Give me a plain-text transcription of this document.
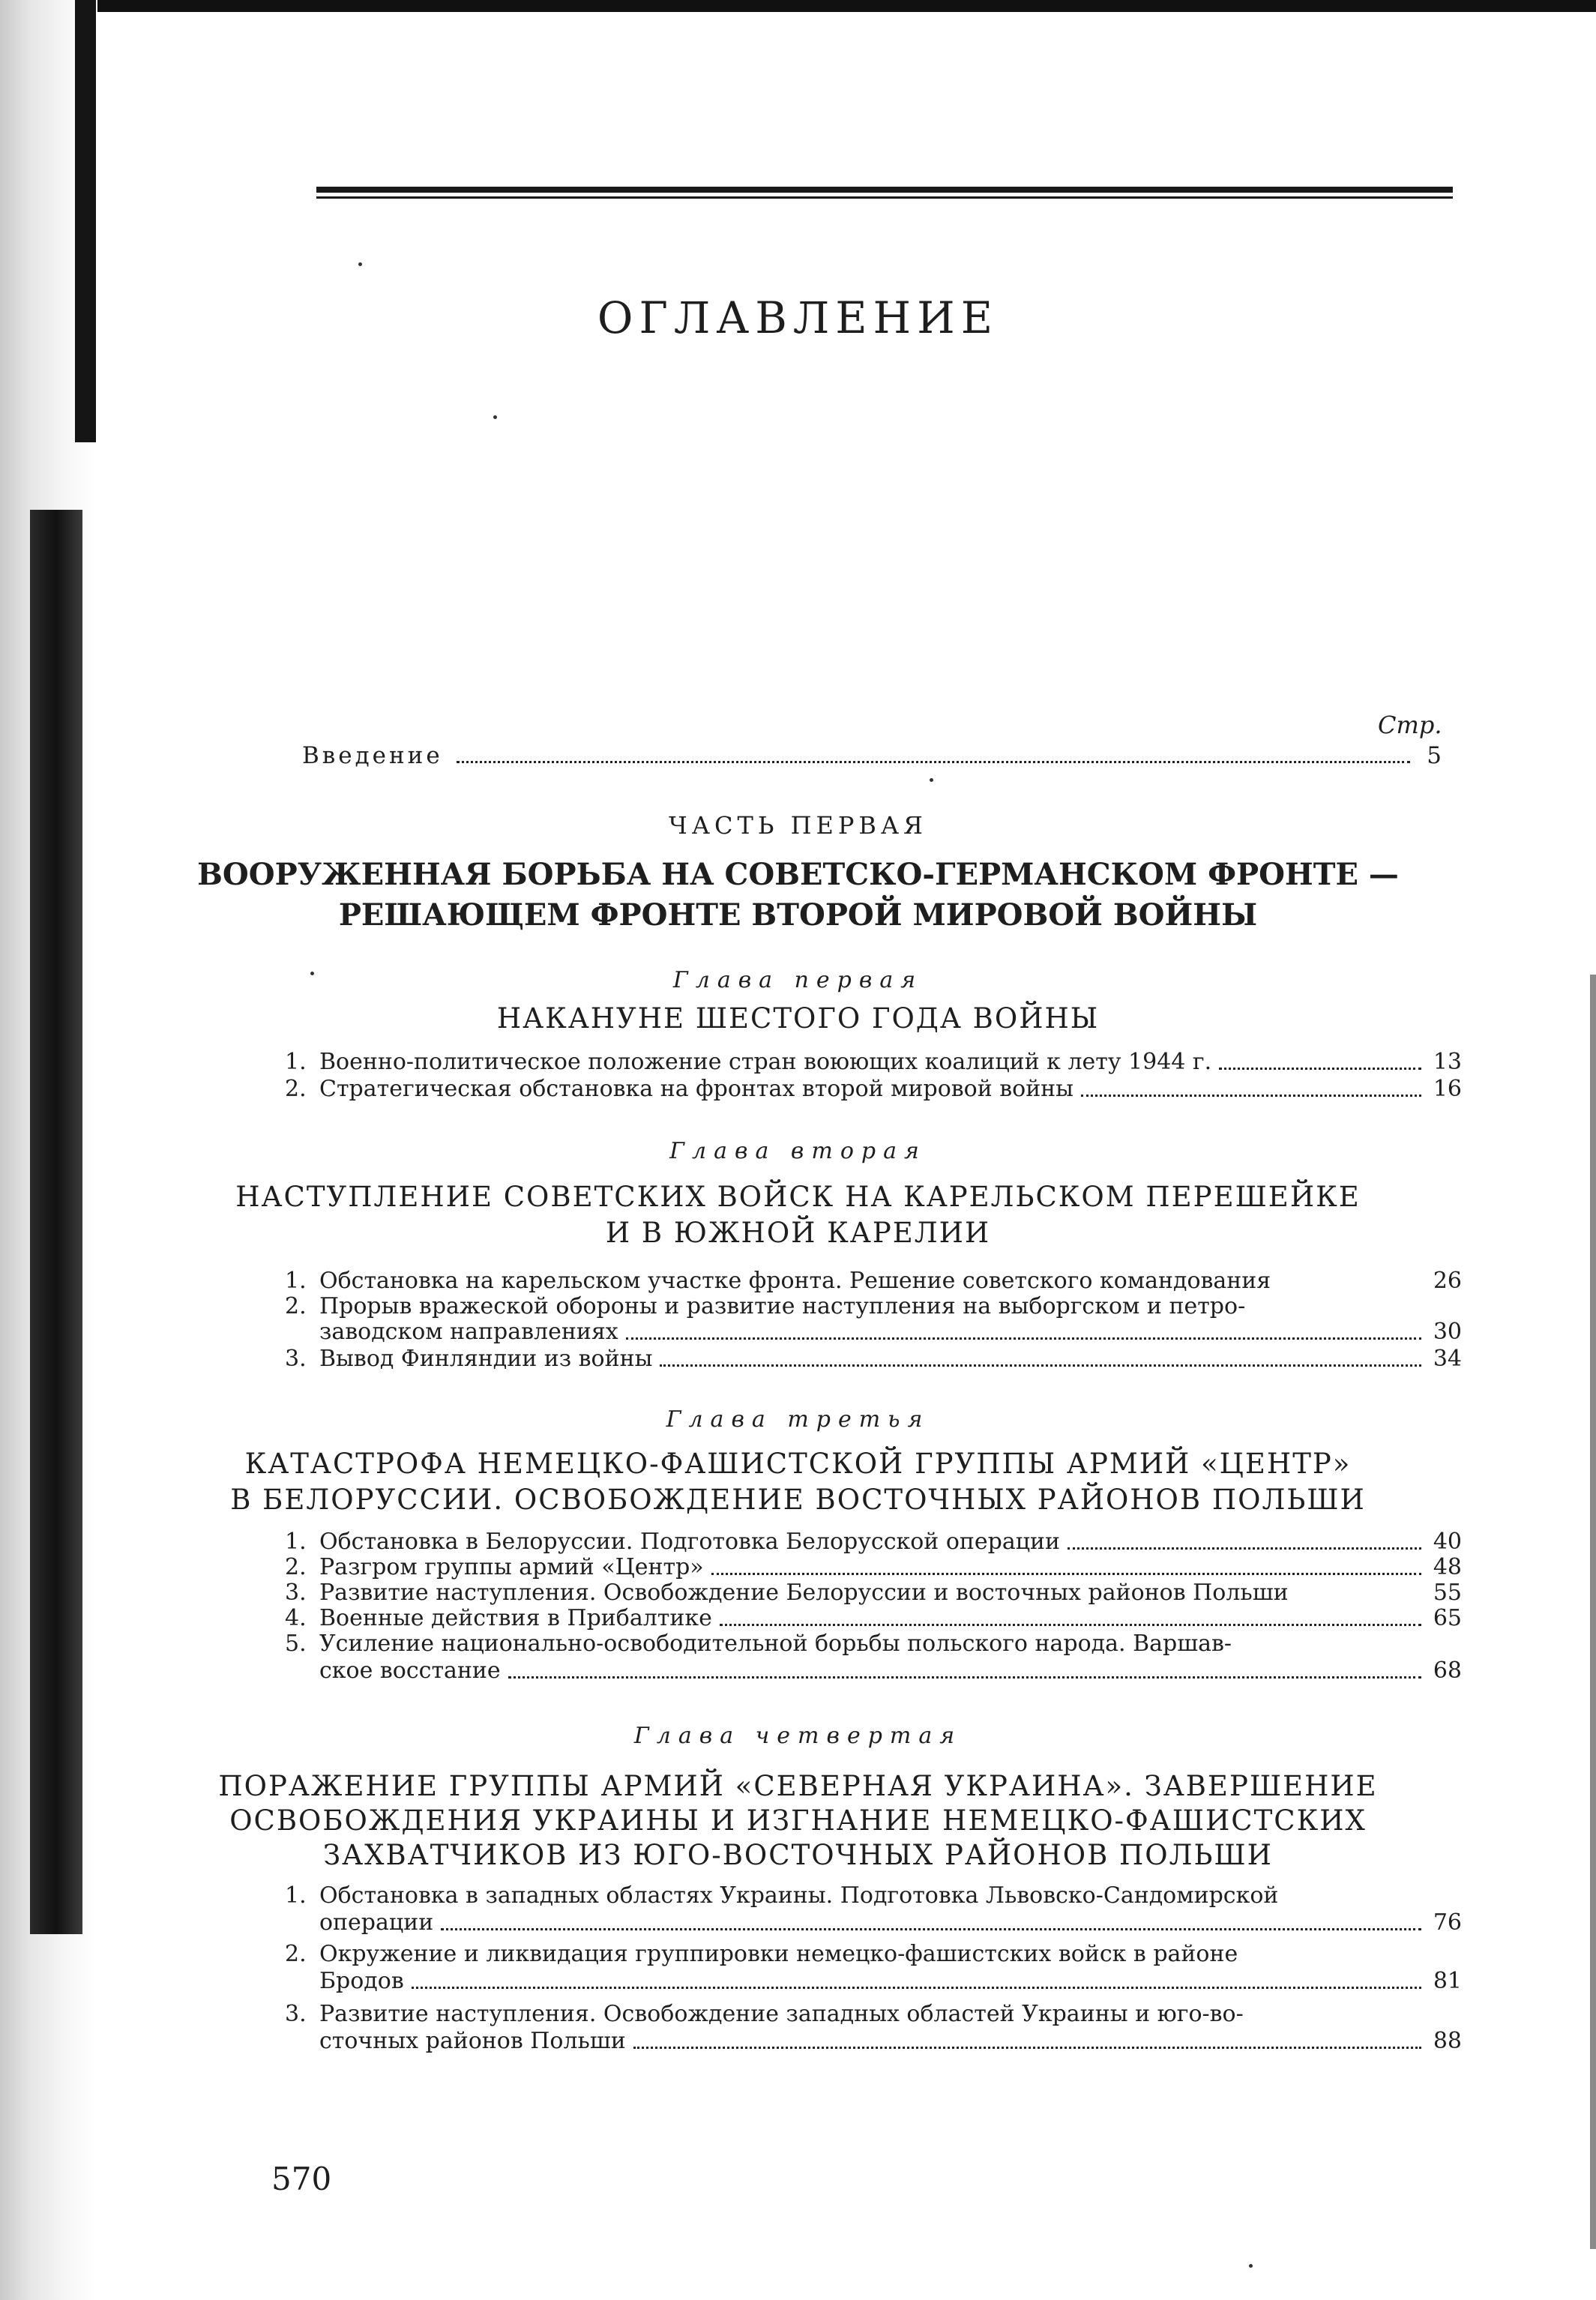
ОГЛАВЛЕНИЕ
Стр.
Введение	5
ЧАСТЬ ПЕРВАЯ
ВООРУЖЕННАЯ БОРЬБА НА СОВЕТСКО-ГЕРМАНСКОМ ФРОНТЕ —
РЕШАЮЩЕМ ФРОНТЕ ВТОРОЙ МИРОВОЙ ВОЙНЫ
Глава первая
НАКАНУНЕ ШЕСТОГО ГОДА ВОЙНЫ
1. Военно-политическое положение стран воюющих коалиций к лету 1944 г.	13
2. Стратегическая обстановка на фронтах второй мировой войны	16
Глава вторая
НАСТУПЛЕНИЕ СОВЕТСКИХ ВОЙСК НА КАРЕЛЬСКОМ ПЕРЕШЕЙКЕ
И В ЮЖНОЙ КАРЕЛИИ
1. Обстановка на карельском участке фронта. Решение советского командования	26
2. Прорыв вражеской обороны и развитие наступления на выборгском и петро-
заводском направлениях	30
3. Вывод Финляндии из войны	34
Глава третья
КАТАСТРОФА НЕМЕЦКО-ФАШИСТСКОЙ ГРУППЫ АРМИЙ «ЦЕНТР»
В БЕЛОРУССИИ. ОСВОБОЖДЕНИЕ ВОСТОЧНЫХ РАЙОНОВ ПОЛЬШИ
1. Обстановка в Белоруссии. Подготовка Белорусской операции	40
2. Разгром группы армий «Центр»	48
3. Развитие наступления. Освобождение Белоруссии и восточных районов Польши	55
4. Военные действия в Прибалтике	65
5. Усиление национально-освободительной борьбы польского народа. Варшав-
ское восстание	68
Глава четвертая
ПОРАЖЕНИЕ ГРУППЫ АРМИЙ «СЕВЕРНАЯ УКРАИНА». ЗАВЕРШЕНИЕ
ОСВОБОЖДЕНИЯ УКРАИНЫ И ИЗГНАНИЕ НЕМЕЦКО-ФАШИСТСКИХ
ЗАХВАТЧИКОВ ИЗ ЮГО-ВОСТОЧНЫХ РАЙОНОВ ПОЛЬШИ
1. Обстановка в западных областях Украины. Подготовка Львовско-Сандомирской
операции	76
2. Окружение и ликвидация группировки немецко-фашистских войск в районе
Бродов	81
3. Развитие наступления. Освобождение западных областей Украины и юго-во-
сточных районов Польши	88
570
